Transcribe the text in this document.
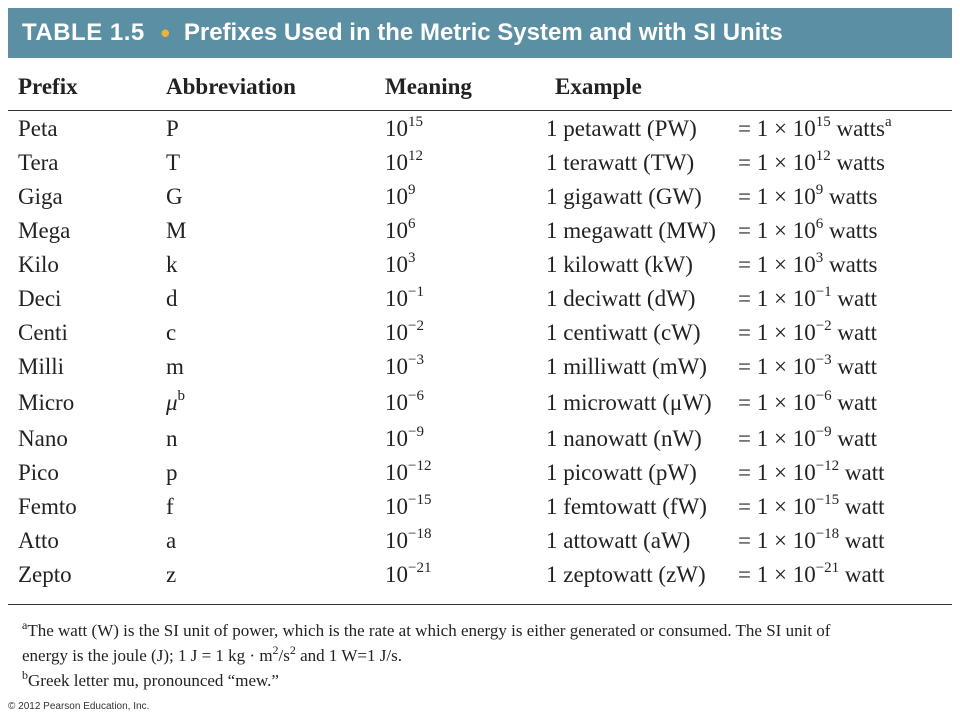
TABLE 1.5 • Prefixes Used in the Metric System and with SI Units
Prefix	Abbreviation	Meaning	Example
Peta	P	$10^{15}$	1 petawatt $(PW) = 1 \times 10^{15}$ watts$^a$
Tera	T	$10^{12}$	1 terawatt $(TW) = 1 \times 10^{12}$ watts
Giga	G	$10^9$	1 gigawatt $(GW) = 1 \times 10^9$ watts
Mega	M	$10^6$	1 megawatt $(MW) = 1 \times 10^6$ watts
Kilo	k	$10^3$	1 kilowatt $(kW) = 1 \times 10^3$ watts
Deci	d	$10^{-1}$	1 deciwatt $(dW) = 1 \times 10^{-1}$ watt
Centi	c	$10^{-2}$	1 centiwatt $(cW) = 1 \times 10^{-2}$ watt
Milli	m	$10^{-3}$	1 milliwatt $(mW) = 1 \times 10^{-3}$ watt
Micro	$\mu^b$	$10^{-6}$	1 microwatt $(\mu W) = 1 \times 10^{-6}$ watt
Nano	n	$10^{-9}$	1 nanowatt $(nW) = 1 \times 10^{-9}$ watt
Pico	p	$10^{-12}$	1 picowatt $(pW) = 1 \times 10^{-12}$ watt
Femto	f	$10^{-15}$	1 femtowatt $(fW) = 1 \times 10^{-15}$ watt
Atto	a	$10^{-18}$	1 attowatt $(aW) = 1 \times 10^{-18}$ watt
Zepto	z	$10^{-21}$	1 zeptowatt $(zW) = 1 \times 10^{-21}$ watt
$^a$The watt (W) is the SI unit of power, which is the rate at which energy is either generated or consumed. The SI unit of
energy is the joule (J); 1 J = 1 kg · $m^2/s^2$ and 1 W=1 J/s.
$^b$Greek letter mu, pronounced “mew.”
© 2012 Pearson Education, Inc.
